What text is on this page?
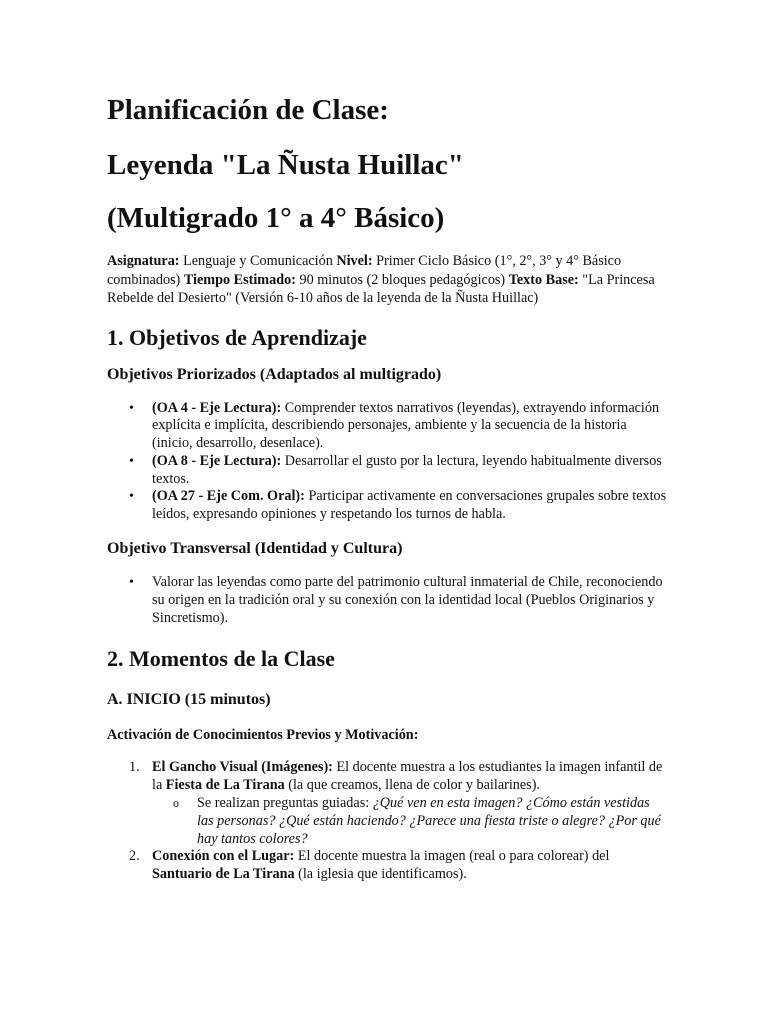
Planificación de Clase:
Leyenda "La Ñusta Huillac"
(Multigrado 1° a 4° Básico)

Asignatura: Lenguaje y Comunicación Nivel: Primer Ciclo Básico (1°, 2°, 3° y 4° Básico combinados) Tiempo Estimado: 90 minutos (2 bloques pedagógicos) Texto Base: "La Princesa Rebelde del Desierto" (Versión 6-10 años de la leyenda de la Ñusta Huillac)

1. Objetivos de Aprendizaje
Objetivos Priorizados (Adaptados al multigrado)
• (OA 4 - Eje Lectura): Comprender textos narrativos (leyendas), extrayendo información explícita e implícita, describiendo personajes, ambiente y la secuencia de la historia (inicio, desarrollo, desenlace).
• (OA 8 - Eje Lectura): Desarrollar el gusto por la lectura, leyendo habitualmente diversos textos.
• (OA 27 - Eje Com. Oral): Participar activamente en conversaciones grupales sobre textos leídos, expresando opiniones y respetando los turnos de habla.
Objetivo Transversal (Identidad y Cultura)
• Valorar las leyendas como parte del patrimonio cultural inmaterial de Chile, reconociendo su origen en la tradición oral y su conexión con la identidad local (Pueblos Originarios y Sincretismo).
2. Momentos de la Clase
A. INICIO (15 minutos)
Activación de Conocimientos Previos y Motivación:
1. El Gancho Visual (Imágenes): El docente muestra a los estudiantes la imagen infantil de la Fiesta de La Tirana (la que creamos, llena de color y bailarines).
o Se realizan preguntas guiadas: ¿Qué ven en esta imagen? ¿Cómo están vestidas las personas? ¿Qué están haciendo? ¿Parece una fiesta triste o alegre? ¿Por qué hay tantos colores?
2. Conexión con el Lugar: El docente muestra la imagen (real o para colorear) del Santuario de La Tirana (la iglesia que identificamos).
